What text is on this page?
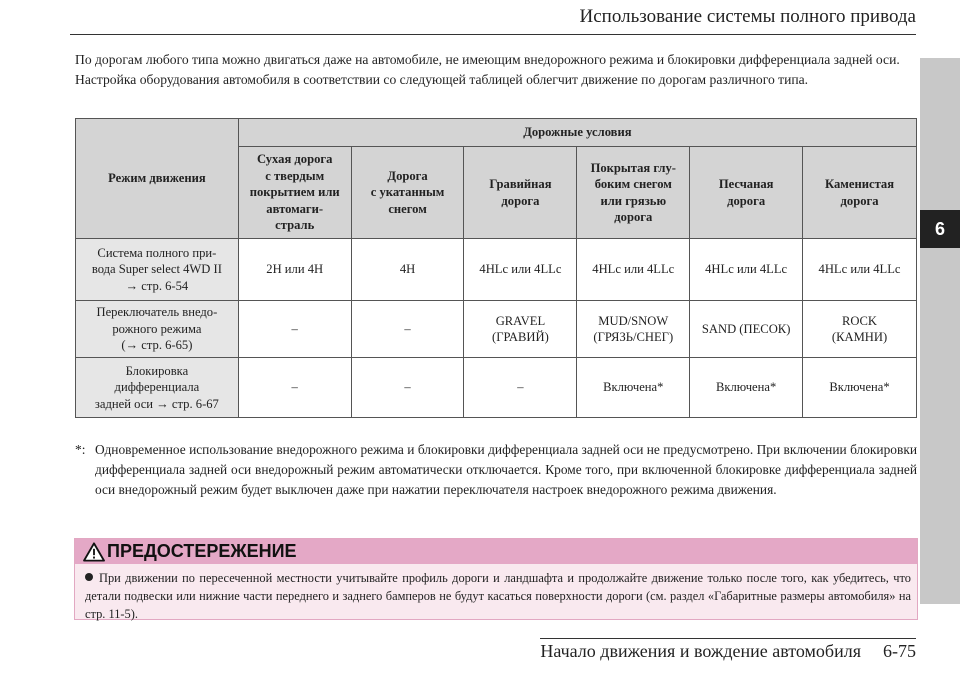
Использование системы полного привода
6

По дорогам любого типа можно двигаться даже на автомобиле, не имеющим внедорожного режима и блокировки дифференциала задней оси.

Настройка оборудования автомобиля в соответствии со следующей таблицей облегчит движение по дорогам различного типа.

Режим движения	Дорожные условия					
	Сухая дорога
с твердым
покрытием или
автомаги-
страль	Дорога
с укатанным
снегом	Гравийная
дорога	Покрытая глу-
боким снегом
или грязью
дорога	Песчаная
дорога	Каменистая
дорога
Система полного при-
вода Super select 4WD II
→ стр. 6-54	2H или 4H	4H	4HLc или 4LLc	4HLc или 4LLc	4HLc или 4LLc	4HLc или 4LLc
Переключатель внедо-
рожного режима
(→ стр. 6-65)	–	–	GRAVEL
(ГРАВИЙ)	MUD/SNOW
(ГРЯЗЬ/СНЕГ)	SAND (ПЕСОК)	ROCK
(КАМНИ)
Блокировка
дифференциала
задней оси → стр. 6-67	–	–	–	Включена*	Включена*	Включена*
*: Одновременное использование внедорожного режима и блокировки дифференциала задней оси не предусмотрено. При включении блокировки дифференциала задней оси внедорожный режим автоматически отключается. Кроме того, при включенной блокировке дифференциала задней оси внедорожный режим будет выключен даже при нажатии переключателя настроек внедорожного режима движения.
ПРЕДОСТЕРЕЖЕНИЕ
При движении по пересеченной местности учитывайте профиль дороги и ландшафта и продолжайте движение только после того, как убедитесь, что детали подвески или нижние части переднего и заднего бамперов не будут касаться поверхности дороги (см. раздел «Габаритные размеры автомобиля» на стр. 11-5).
Начало движения и вождение автомобиля 6-75
